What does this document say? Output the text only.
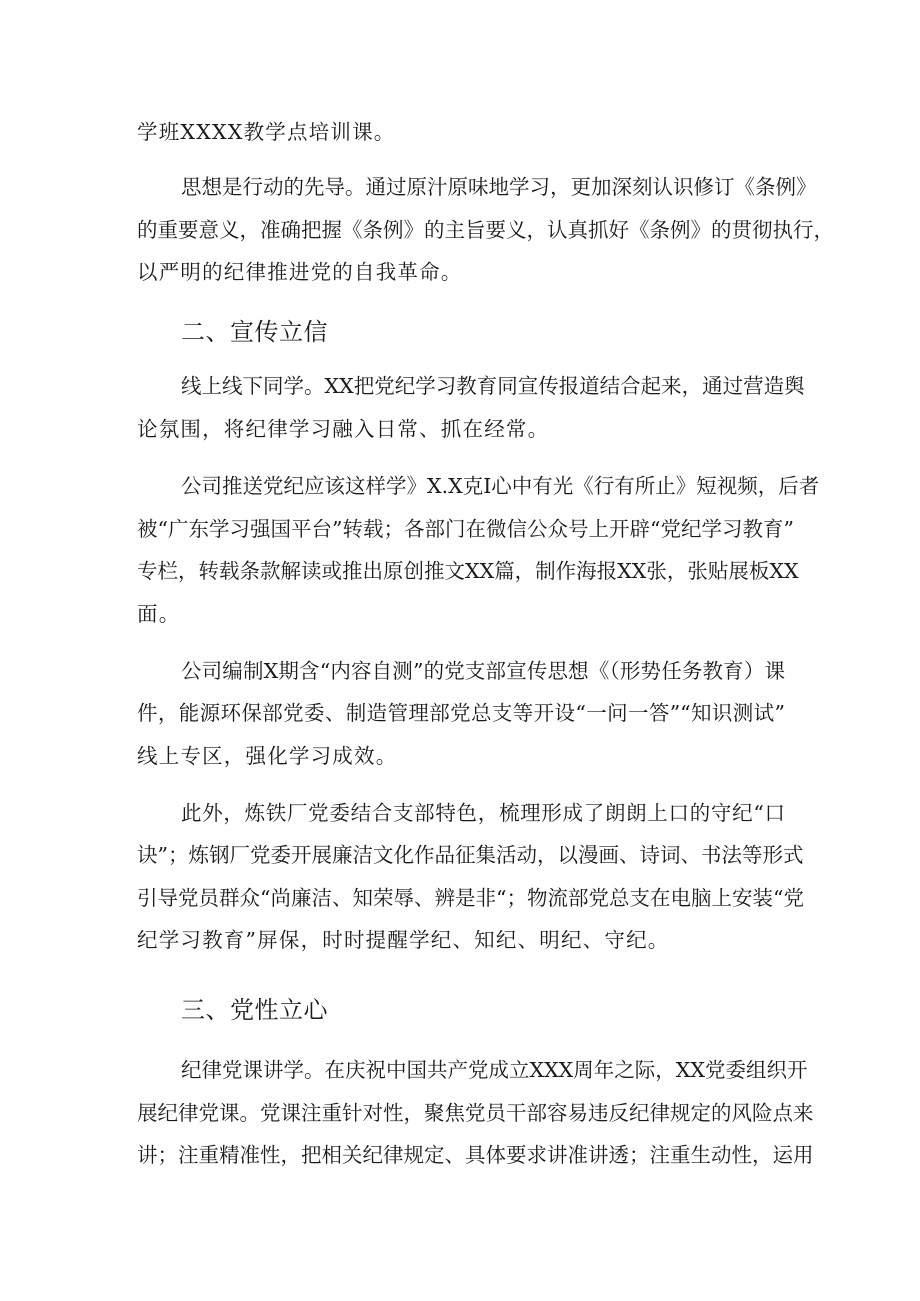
学班XXXX教学点培训课。
思想是行动的先导。通过原汁原味地学习，更加深刻认识修订《条例》
的重要意义，准确把握《条例》的主旨要义，认真抓好《条例》的贯彻执行，
以严明的纪律推进党的自我革命。
二、宣传立信
线上线下同学。XX把党纪学习教育同宣传报道结合起来，通过营造舆
论氛围，将纪律学习融入日常、抓在经常。
公司推送党纪应该这样学》X.X克I心中有光《行有所止》短视频，后者
被“广东学习强国平台”转载；各部门在微信公众号上开辟“党纪学习教育”
专栏，转载条款解读或推出原创推文XX篇，制作海报XX张，张贴展板XX
面。
公司编制X期含“内容自测”的党支部宣传思想《（形势任务教育）课
件，能源环保部党委、制造管理部党总支等开设“一问一答”“知识测试”
线上专区，强化学习成效。
此外，炼铁厂党委结合支部特色，梳理形成了朗朗上口的守纪“口
诀”；炼钢厂党委开展廉洁文化作品征集活动，以漫画、诗词、书法等形式
引导党员群众“尚廉洁、知荣辱、辨是非“；物流部党总支在电脑上安装“党
纪学习教育”屏保，时时提醒学纪、知纪、明纪、守纪。
三、党性立心
纪律党课讲学。在庆祝中国共产党成立XXX周年之际，XX党委组织开
展纪律党课。党课注重针对性，聚焦党员干部容易违反纪律规定的风险点来
讲；注重精准性，把相关纪律规定、具体要求讲准讲透；注重生动性，运用
